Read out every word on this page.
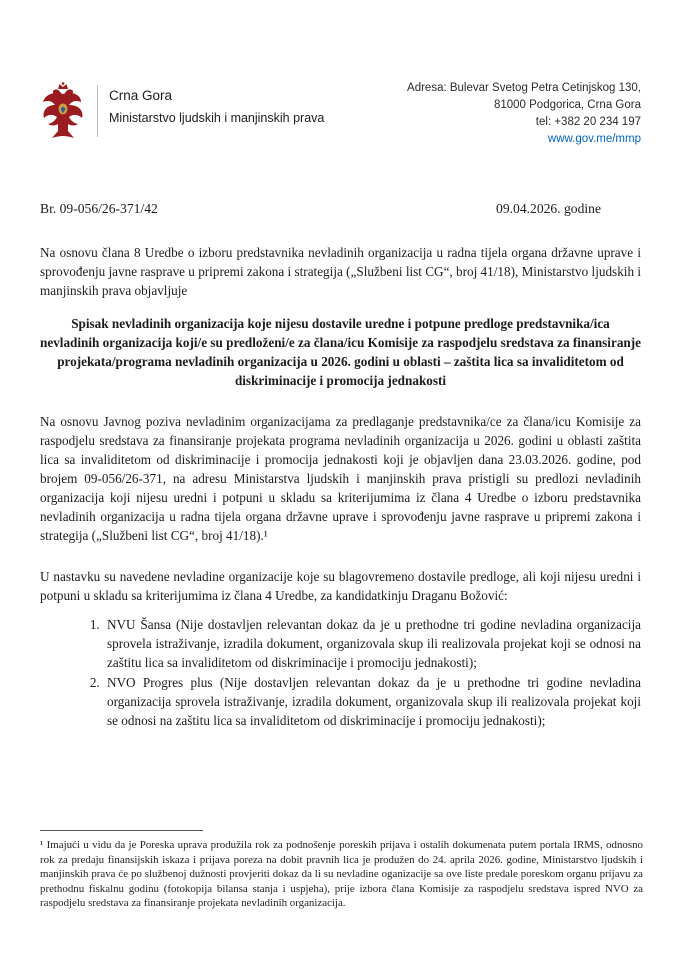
Crna Gora
Ministarstvo ljudskih i manjinskih prava
Adresa: Bulevar Svetog Petra Cetinjskog 130,
81000 Podgorica, Crna Gora
tel: +382 20 234 197
www.gov.me/mmp
Br. 09-056/26-371/42	09.04.2026. godine

Na osnovu člana 8 Uredbe o izboru predstavnika nevladinih organizacija u radna tijela organa državne uprave i sprovođenju javne rasprave u pripremi zakona i strategija („Službeni list CG“, broj 41/18), Ministarstvo ljudskih i manjinskih prava objavljuje

Spisak nevladinih organizacija koje nijesu dostavile uredne i potpune predloge predstavnika/ica nevladinih organizacija koji/e su predloženi/e za člana/icu Komisije za raspodjelu sredstava za finansiranje projekata/programa nevladinih organizacija u 2026. godini u oblasti – zaštita lica sa invaliditetom od diskriminacije i promocija jednakosti

Na osnovu Javnog poziva nevladinim organizacijama za predlaganje predstavnika/ce za člana/icu Komisije za raspodjelu sredstava za finansiranje projekata programa nevladinih organizacija u 2026. godini u oblasti zaštita lica sa invaliditetom od diskriminacije i promocija jednakosti koji je objavljen dana 23.03.2026. godine, pod brojem 09-056/26-371, na adresu Ministarstva ljudskih i manjinskih prava pristigli su predlozi nevladinih organizacija koji nijesu uredni i potpuni u skladu sa kriterijumima iz člana 4 Uredbe o izboru predstavnika nevladinih organizacija u radna tijela organa državne uprave i sprovođenju javne rasprave u pripremi zakona i strategija („Službeni list CG“, broj 41/18).¹

U nastavku su navedene nevladine organizacije koje su blagovremeno dostavile predloge, ali koji nijesu uredni i potpuni u skladu sa kriterijumima iz člana 4 Uredbe, za kandidatkinju Draganu Božović:

1. NVU Šansa (Nije dostavljen relevantan dokaz da je u prethodne tri godine nevladina organizacija sprovela istraživanje, izradila dokument, organizovala skup ili realizovala projekat koji se odnosi na zaštitu lica sa invaliditetom od diskriminacije i promociju jednakosti);
2. NVO Progres plus (Nije dostavljen relevantan dokaz da je u prethodne tri godine nevladina organizacija sprovela istraživanje, izradila dokument, organizovala skup ili realizovala projekat koji se odnosi na zaštitu lica sa invaliditetom od diskriminacije i promociju jednakosti);

¹ Imajući u vidu da je Poreska uprava produžila rok za podnošenje poreskih prijava i ostalih dokumenata putem portala IRMS, odnosno rok za predaju finansijskih iskaza i prijava poreza na dobit pravnih lica je produžen do 24. aprila 2026. godine, Ministarstvo ljudskih i manjinskih prava će po službenoj dužnosti provjeriti dokaz da li su nevladine oganizacije sa ove liste predale poreskom organu prijavu za prethodnu fiskalnu godinu (fotokopija bilansa stanja i uspjeha), prije izbora člana Komisije za raspodjelu sredstava ispred NVO za raspodjelu sredstava za finansiranje projekata nevladinih organizacija.
